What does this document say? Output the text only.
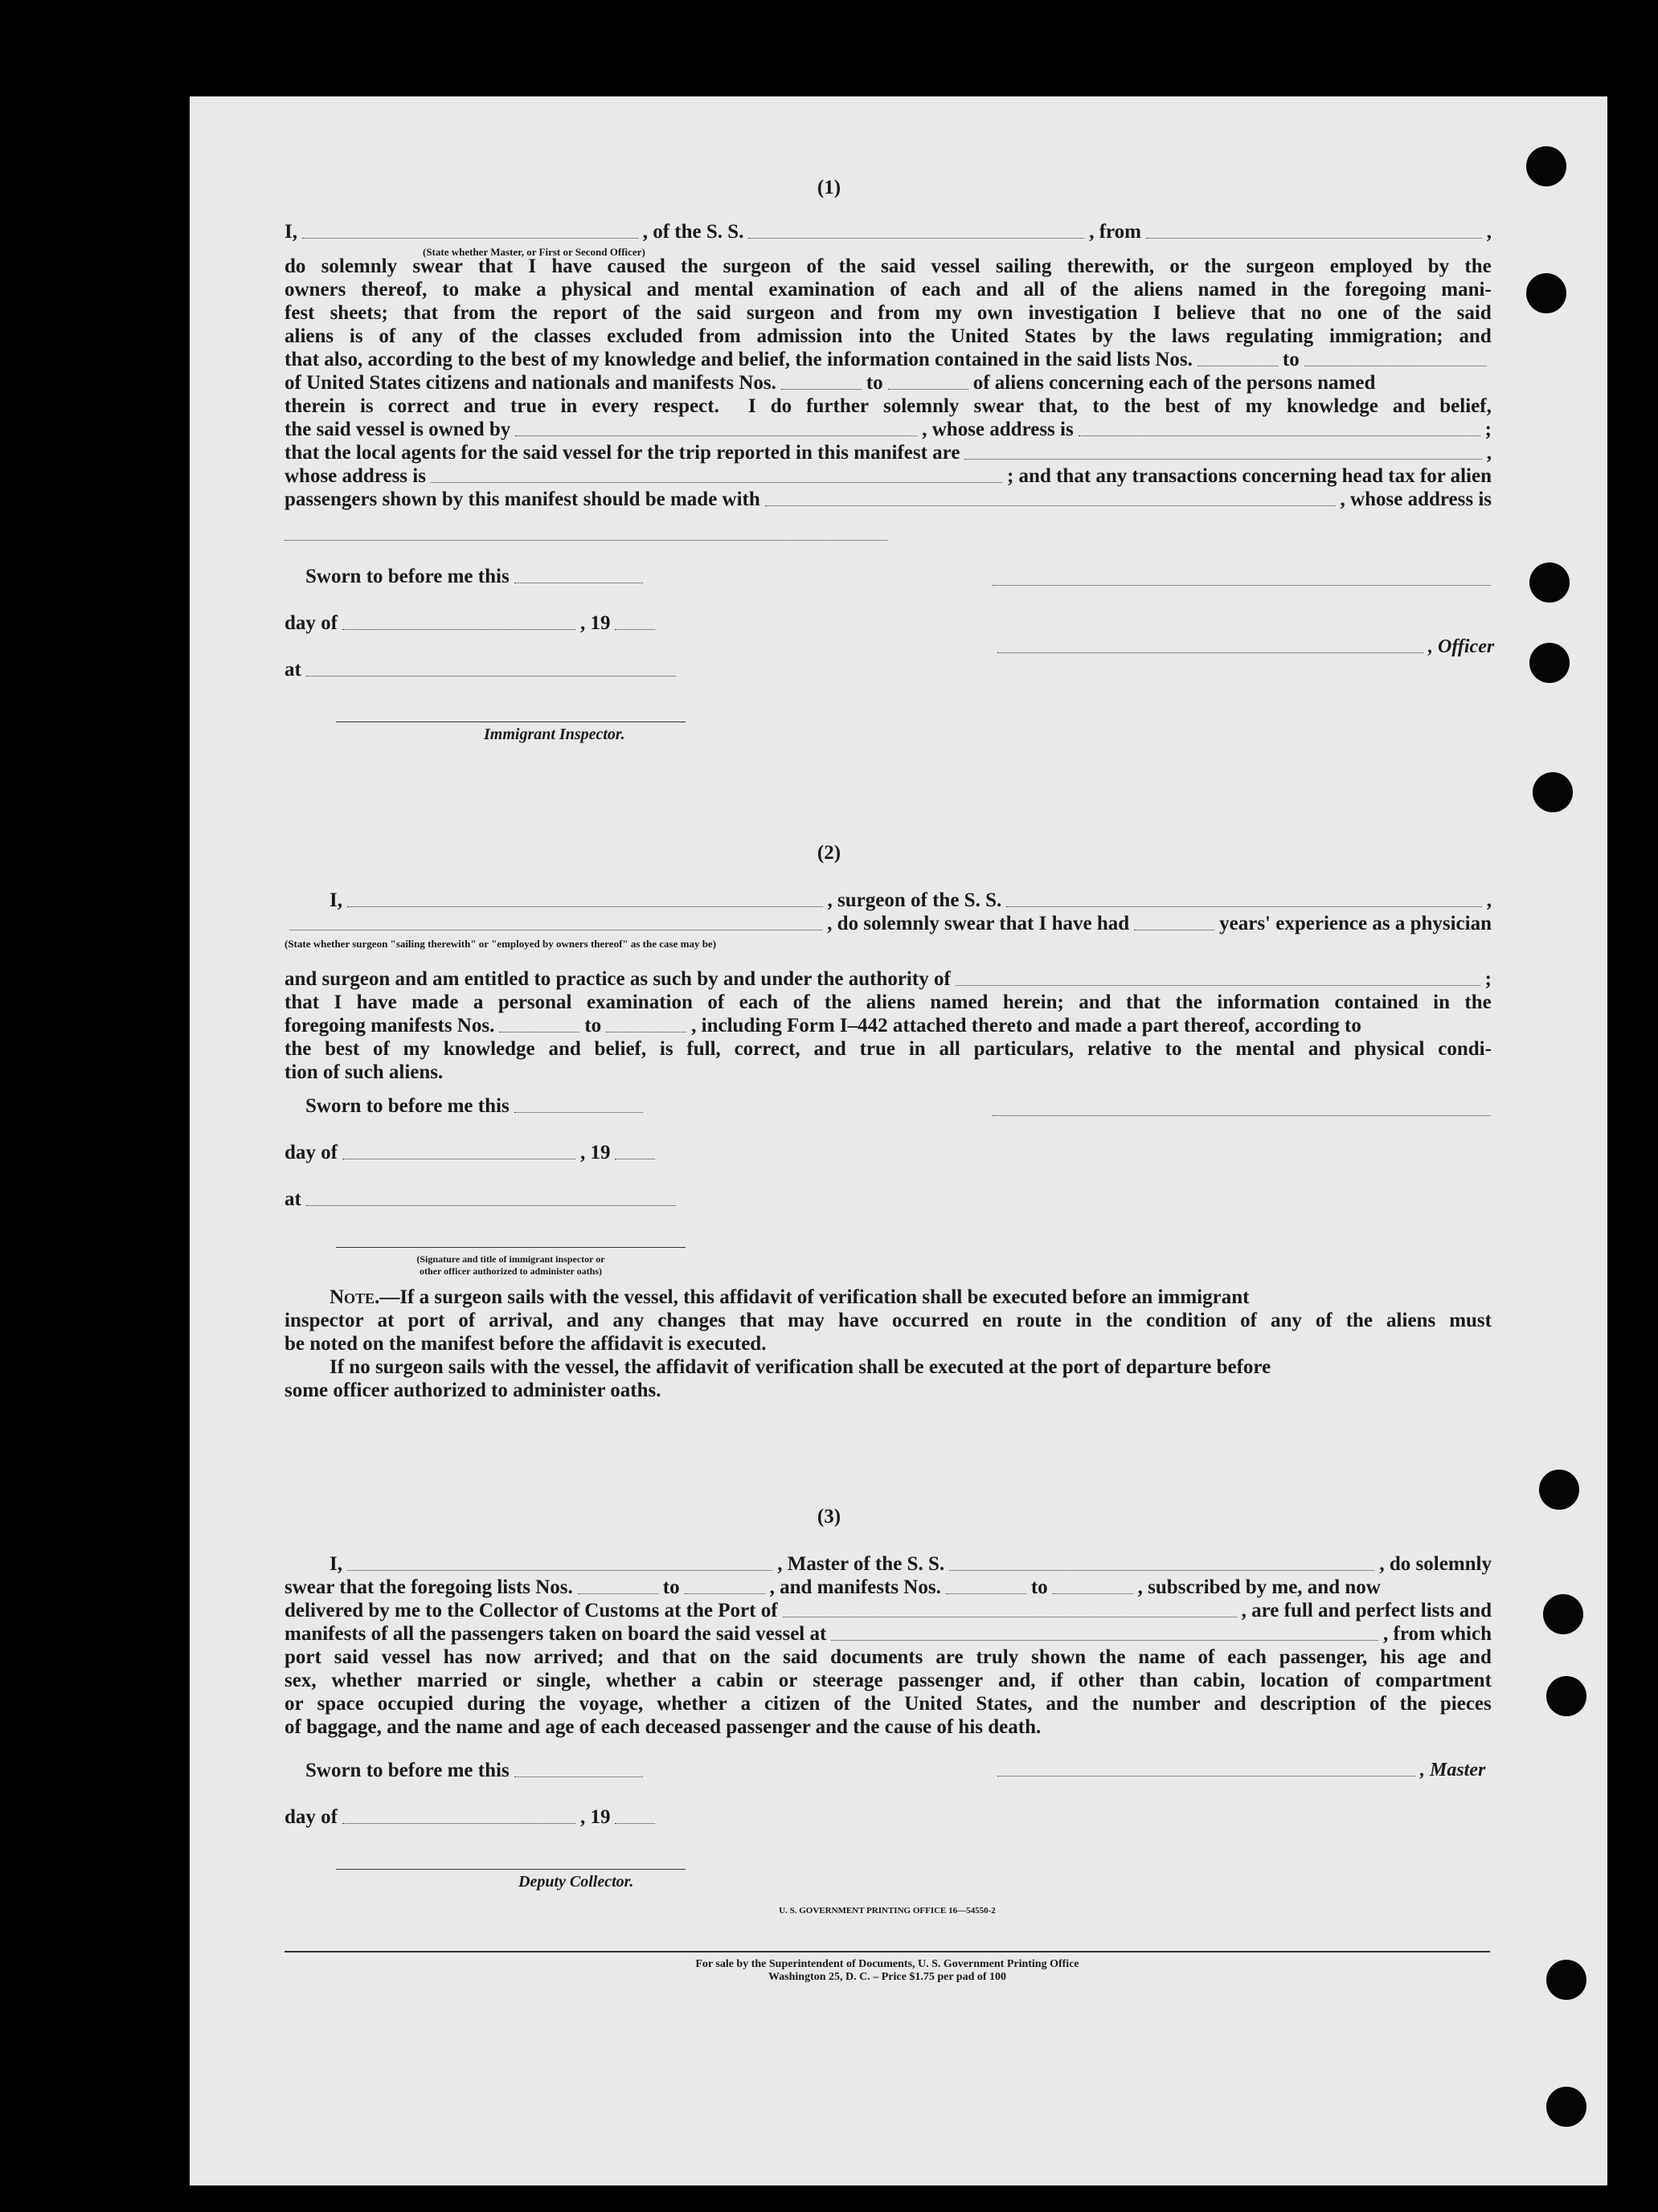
(1)
I,	, of the S. S.	, from	,
(State whether Master, or First or Second Officer)
do solemnly swear that I have caused the surgeon of the said vessel sailing therewith, or the surgeon employed by the
owners thereof, to make a physical and mental examination of each and all of the aliens named in the foregoing mani-
fest sheets; that from the report of the said surgeon and from my own investigation I believe that no one of the said
aliens is of any of the classes excluded from admission into the United States by the laws regulating immigration; and
that also, according to the best of my knowledge and belief, the information contained in the said lists Nos.	to
of United States citizens and nationals and manifests Nos.	to	of aliens concerning each of the persons named
therein is correct and true in every respect. I do further solemnly swear that, to the best of my knowledge and belief,
the said vessel is owned by	, whose address is	;
that the local agents for the said vessel for the trip reported in this manifest are	,
whose address is	; and that any transactions concerning head tax for alien
passengers shown by this manifest should be made with	, whose address is
Sworn to before me this
day of	, 19
, Officer
at
Immigrant Inspector.
(2)
I,	, surgeon of the S. S.	,
, do solemnly swear that I have had	years' experience as a physician
(State whether surgeon "sailing therewith" or "employed by owners thereof" as the case may be)
and surgeon and am entitled to practice as such by and under the authority of	;
that I have made a personal examination of each of the aliens named herein; and that the information contained in the
foregoing manifests Nos.	to	, including Form I–442 attached thereto and made a part thereof, according to
the best of my knowledge and belief, is full, correct, and true in all particulars, relative to the mental and physical condi-
tion of such aliens.
Sworn to before me this
day of	, 19
at
(Signature and title of immigrant inspector or
other officer authorized to administer oaths)
Note.—If a surgeon sails with the vessel, this affidavit of verification shall be executed before an immigrant
inspector at port of arrival, and any changes that may have occurred en route in the condition of any of the aliens must
be noted on the manifest before the affidavit is executed.
If no surgeon sails with the vessel, the affidavit of verification shall be executed at the port of departure before
some officer authorized to administer oaths.
(3)
I,	, Master of the S. S.	, do solemnly
swear that the foregoing lists Nos.	to	, and manifests Nos.	to	, subscribed by me, and now
delivered by me to the Collector of Customs at the Port of	, are full and perfect lists and
manifests of all the passengers taken on board the said vessel at	, from which
port said vessel has now arrived; and that on the said documents are truly shown the name of each passenger, his age and
sex, whether married or single, whether a cabin or steerage passenger and, if other than cabin, location of compartment
or space occupied during the voyage, whether a citizen of the United States, and the number and description of the pieces
of baggage, and the name and age of each deceased passenger and the cause of his death.
Sworn to before me this	, Master
day of	, 19
Deputy Collector.
U. S. GOVERNMENT PRINTING OFFICE 16—54550-2
For sale by the Superintendent of Documents, U. S. Government Printing Office
Washington 25, D. C. – Price $1.75 per pad of 100
